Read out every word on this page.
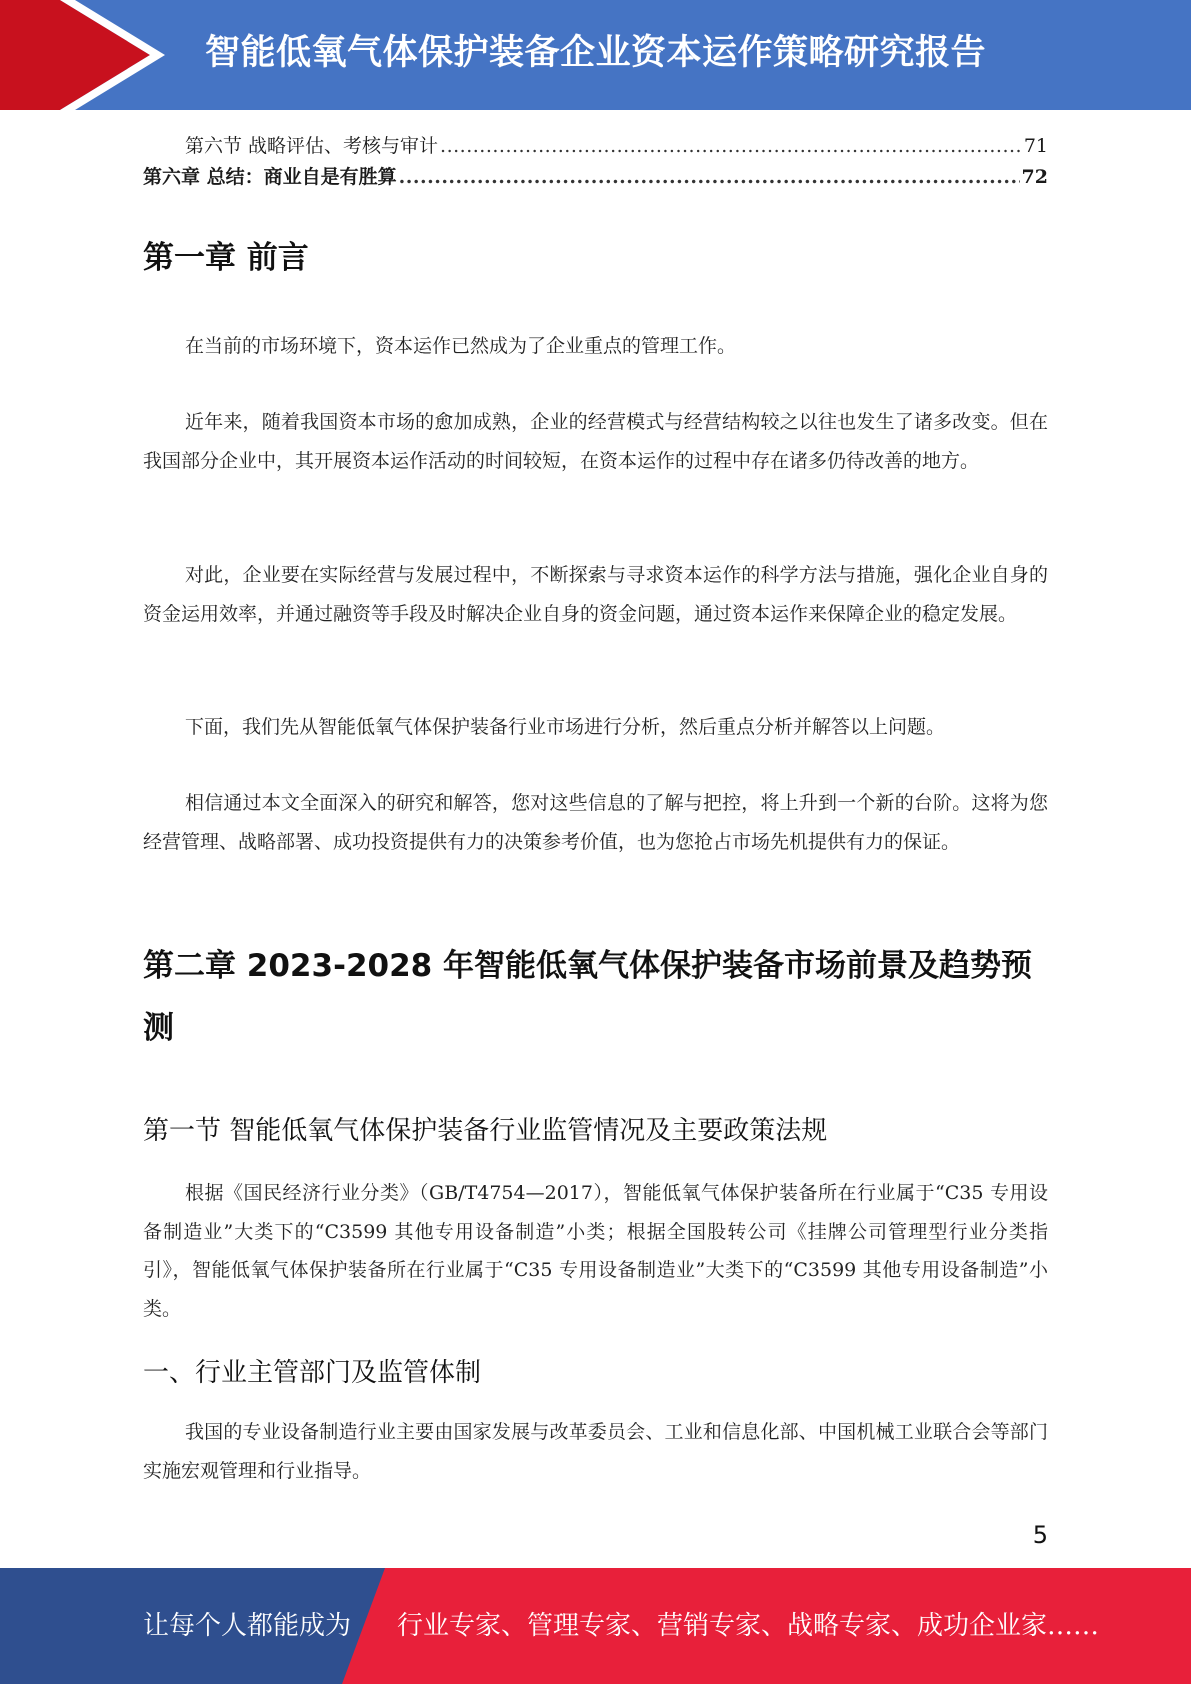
智能低氧气体保护装备企业资本运作策略研究报告
第六节 战略评估、考核与审计 .....	71
第六章 总结：商业自是有胜算 .....	72
第一章 前言

在当前的市场环境下，资本运作已然成为了企业重点的管理工作。

近年来，随着我国资本市场的愈加成熟，企业的经营模式与经营结构较之以往也发生了诸多改变。但在我国部分企业中，其开展资本运作活动的时间较短，在资本运作的过程中存在诸多仍待改善的地方。

对此，企业要在实际经营与发展过程中，不断探索与寻求资本运作的科学方法与措施，强化企业自身的资金运用效率，并通过融资等手段及时解决企业自身的资金问题，通过资本运作来保障企业的稳定发展。

下面，我们先从智能低氧气体保护装备行业市场进行分析，然后重点分析并解答以上问题。

相信通过本文全面深入的研究和解答，您对这些信息的了解与把控，将上升到一个新的台阶。这将为您经营管理、战略部署、成功投资提供有力的决策参考价值，也为您抢占市场先机提供有力的保证。

第二章 2023-2028 年智能低氧气体保护装备市场前景及趋势预测
第一节 智能低氧气体保护装备行业监管情况及主要政策法规

根据《国民经济行业分类》（GB/T4754—2017），智能低氧气体保护装备所在行业属于“C35 专用设备制造业”大类下的“C3599 其他专用设备制造”小类；根据全国股转公司《挂牌公司管理型行业分类指引》，智能低氧气体保护装备所在行业属于“C35 专用设备制造业”大类下的“C3599 其他专用设备制造”小类。

一、行业主管部门及监管体制

我国的专业设备制造行业主要由国家发展与改革委员会、工业和信息化部、中国机械工业联合会等部门实施宏观管理和行业指导。

5
让每个人都能成为 行业专家、管理专家、营销专家、战略专家、成功企业家……
